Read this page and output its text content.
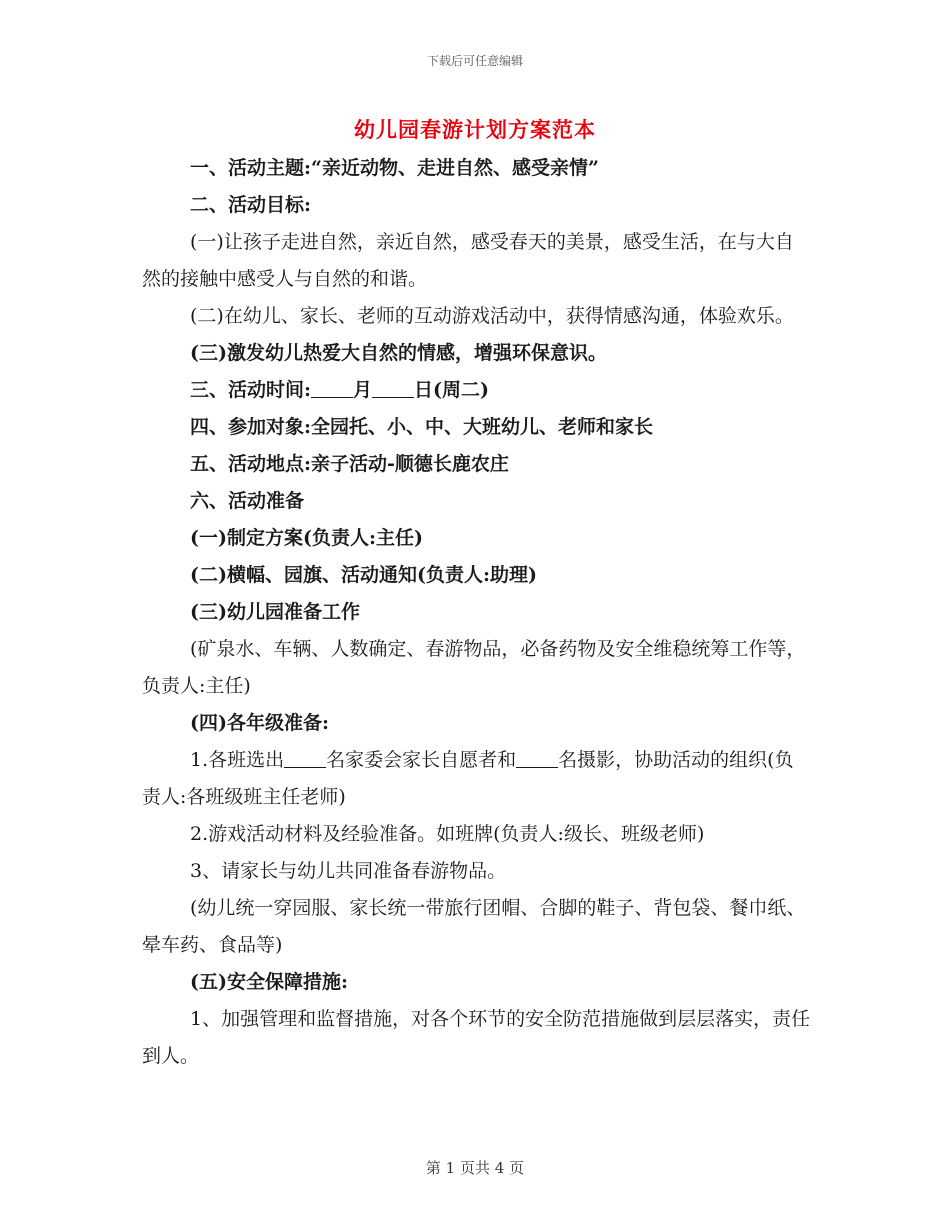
下载后可任意编辑
幼儿园春游计划方案范本

一、活动主题:“亲近动物、走进自然、感受亲情”

二、活动目标:

(一)让孩子走进自然，亲近自然，感受春天的美景，感受生活，在与大自然的接触中感受人与自然的和谐。

(二)在幼儿、家长、老师的互动游戏活动中，获得情感沟通，体验欢乐。

(三)激发幼儿热爱大自然的情感，增强环保意识。

三、活动时间: 月 日(周二)

四、参加对象:全园托、小、中、大班幼儿、老师和家长

五、活动地点:亲子活动-顺德长鹿农庄

六、活动准备

(一)制定方案(负责人:主任)

(二)横幅、园旗、活动通知(负责人:助理)

(三)幼儿园准备工作

(矿泉水、车辆、人数确定、春游物品，必备药物及安全维稳统筹工作等，负责人:主任)

(四)各年级准备:

1.各班选出 名家委会家长自愿者和 名摄影，协助活动的组织(负责人:各班级班主任老师)

2.游戏活动材料及经验准备。如班牌(负责人:级长、班级老师)

3、请家长与幼儿共同准备春游物品。

(幼儿统一穿园服、家长统一带旅行团帽、合脚的鞋子、背包袋、餐巾纸、晕车药、食品等)

(五)安全保障措施:

1、加强管理和监督措施，对各个环节的安全防范措施做到层层落实，责任到人。

第 1 页共 4 页
